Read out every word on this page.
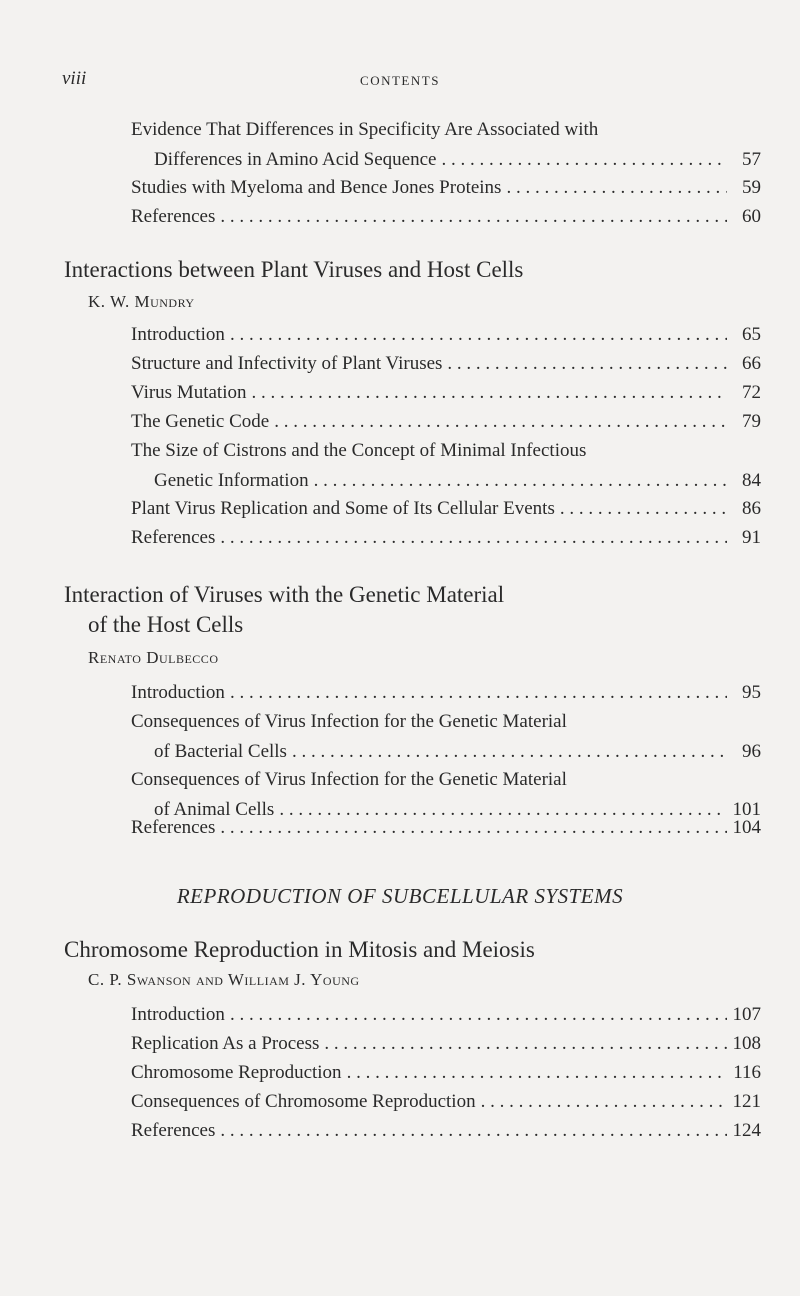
viii	CONTENTS
Evidence That Differences in Specificity Are Associated with
Differences in Amino Acid Sequence . . .	57
Studies with Myeloma and Bence Jones Proteins . . .	59
References . . .	60
Interactions between Plant Viruses and Host Cells
K. W. Mundry
Introduction . . .	65
Structure and Infectivity of Plant Viruses . . .	66
Virus Mutation . . .	72
The Genetic Code . . .	79
The Size of Cistrons and the Concept of Minimal Infectious
Genetic Information . . .	84
Plant Virus Replication and Some of Its Cellular Events . . .	86
References . . .	91
Interaction of Viruses with the Genetic Material
of the Host Cells
Renato Dulbecco
Introduction . . .	95
Consequences of Virus Infection for the Genetic Material
of Bacterial Cells . . .	96
Consequences of Virus Infection for the Genetic Material
of Animal Cells . . .	101
References . . .	104
REPRODUCTION OF SUBCELLULAR SYSTEMS
Chromosome Reproduction in Mitosis and Meiosis
C. P. Swanson and William J. Young
Introduction . . .	107
Replication As a Process . . .	108
Chromosome Reproduction . . .	116
Consequences of Chromosome Reproduction . . .	121
References . . .	124
